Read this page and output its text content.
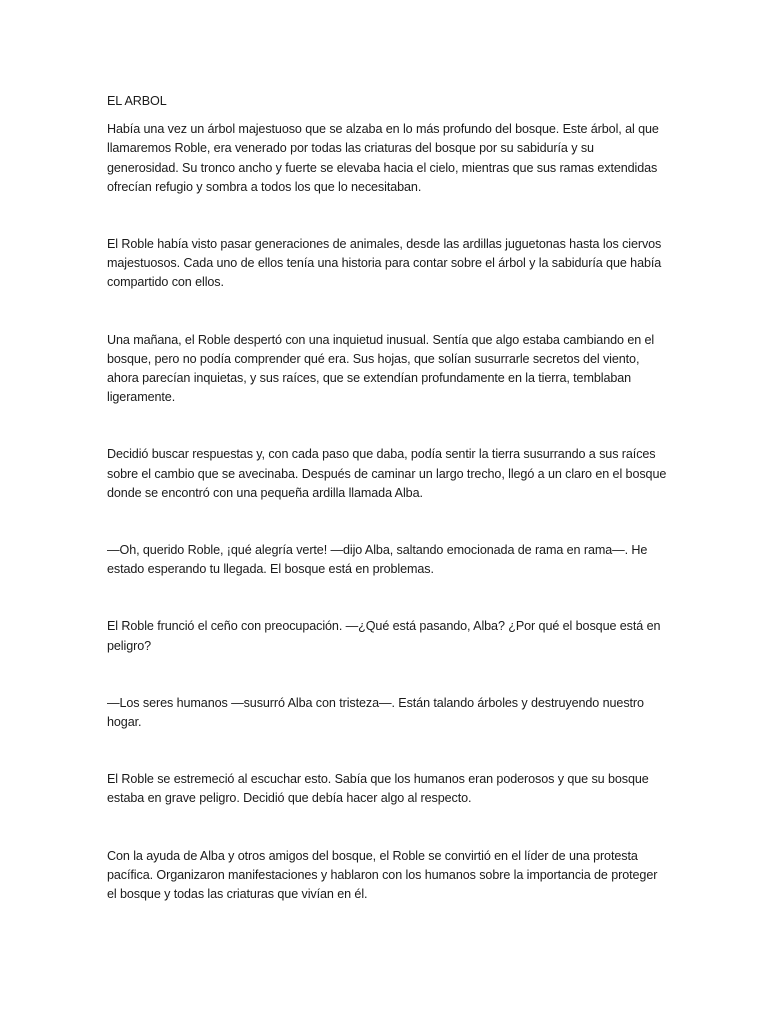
EL ARBOL

Había una vez un árbol majestuoso que se alzaba en lo más profundo del bosque. Este árbol, al que llamaremos Roble, era venerado por todas las criaturas del bosque por su sabiduría y su generosidad. Su tronco ancho y fuerte se elevaba hacia el cielo, mientras que sus ramas extendidas ofrecían refugio y sombra a todos los que lo necesitaban.

El Roble había visto pasar generaciones de animales, desde las ardillas juguetonas hasta los ciervos majestuosos. Cada uno de ellos tenía una historia para contar sobre el árbol y la sabiduría que había compartido con ellos.

Una mañana, el Roble despertó con una inquietud inusual. Sentía que algo estaba cambiando en el bosque, pero no podía comprender qué era. Sus hojas, que solían susurrarle secretos del viento, ahora parecían inquietas, y sus raíces, que se extendían profundamente en la tierra, temblaban ligeramente.

Decidió buscar respuestas y, con cada paso que daba, podía sentir la tierra susurrando a sus raíces sobre el cambio que se avecinaba. Después de caminar un largo trecho, llegó a un claro en el bosque donde se encontró con una pequeña ardilla llamada Alba.

—Oh, querido Roble, ¡qué alegría verte! —dijo Alba, saltando emocionada de rama en rama—. He estado esperando tu llegada. El bosque está en problemas.

El Roble frunció el ceño con preocupación. —¿Qué está pasando, Alba? ¿Por qué el bosque está en peligro?

—Los seres humanos —susurró Alba con tristeza—. Están talando árboles y destruyendo nuestro hogar.

El Roble se estremeció al escuchar esto. Sabía que los humanos eran poderosos y que su bosque estaba en grave peligro. Decidió que debía hacer algo al respecto.

Con la ayuda de Alba y otros amigos del bosque, el Roble se convirtió en el líder de una protesta pacífica. Organizaron manifestaciones y hablaron con los humanos sobre la importancia de proteger el bosque y todas las criaturas que vivían en él.
